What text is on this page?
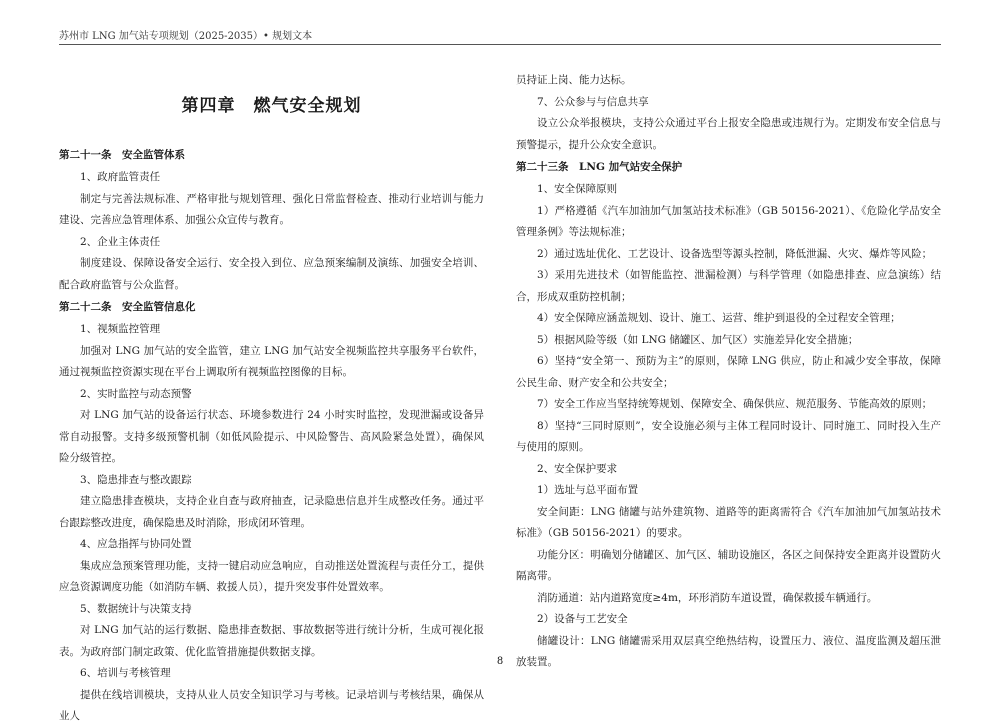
苏州市 LNG 加气站专项规划（2025-2035）• 规划文本
第四章　燃气安全规划
第二十一条　安全监管体系
1、政府监管责任
制定与完善法规标准、严格审批与规划管理、强化日常监督检查、推动行业培训与能力建设、完善应急管理体系、加强公众宣传与教育。
2、企业主体责任
制度建设、保障设备安全运行、安全投入到位、应急预案编制及演练、加强安全培训、配合政府监管与公众监督。
第二十二条　安全监管信息化
1、视频监控管理
加强对 LNG 加气站的安全监管，建立 LNG 加气站安全视频监控共享服务平台软件，通过视频监控资源实现在平台上调取所有视频监控图像的目标。
2、实时监控与动态预警
对 LNG 加气站的设备运行状态、环境参数进行 24 小时实时监控，发现泄漏或设备异常自动报警。支持多级预警机制（如低风险提示、中风险警告、高风险紧急处置），确保风险分级管控。
3、隐患排查与整改跟踪
建立隐患排查模块，支持企业自查与政府抽查，记录隐患信息并生成整改任务。通过平台跟踪整改进度，确保隐患及时消除，形成闭环管理。
4、应急指挥与协同处置
集成应急预案管理功能，支持一键启动应急响应，自动推送处置流程与责任分工，提供应急资源调度功能（如消防车辆、救援人员），提升突发事件处置效率。
5、数据统计与决策支持
对 LNG 加气站的运行数据、隐患排查数据、事故数据等进行统计分析，生成可视化报表。为政府部门制定政策、优化监管措施提供数据支撑。
6、培训与考核管理
提供在线培训模块，支持从业人员安全知识学习与考核。记录培训与考核结果，确保从业人
员持证上岗、能力达标。
7、公众参与与信息共享
设立公众举报模块，支持公众通过平台上报安全隐患或违规行为。定期发布安全信息与预警提示，提升公众安全意识。
第二十三条　LNG 加气站安全保护
1、安全保障原则
1）严格遵循《汽车加油加气加氢站技术标准》（GB 50156-2021）、《危险化学品安全管理条例》等法规标准；
2）通过选址优化、工艺设计、设备选型等源头控制，降低泄漏、火灾、爆炸等风险；
3）采用先进技术（如智能监控、泄漏检测）与科学管理（如隐患排查、应急演练）结合，形成双重防控机制；
4）安全保障应涵盖规划、设计、施工、运营、维护到退役的全过程安全管理；
5）根据风险等级（如 LNG 储罐区、加气区）实施差异化安全措施；
6）坚持“安全第一、预防为主”的原则，保障 LNG 供应，防止和减少安全事故，保障公民生命、财产安全和公共安全；
7）安全工作应当坚持统筹规划、保障安全、确保供应、规范服务、节能高效的原则；
8）坚持“三同时原则”，安全设施必须与主体工程同时设计、同时施工、同时投入生产与使用的原则。
2、安全保护要求
1）选址与总平面布置
安全间距：LNG 储罐与站外建筑物、道路等的距离需符合《汽车加油加气加氢站技术标准》（GB 50156-2021）的要求。
功能分区：明确划分储罐区、加气区、辅助设施区，各区之间保持安全距离并设置防火隔离带。
消防通道：站内道路宽度≥4m，环形消防车道设置，确保救援车辆通行。
2）设备与工艺安全
储罐设计：LNG 储罐需采用双层真空绝热结构，设置压力、液位、温度监测及超压泄放装置。
8
